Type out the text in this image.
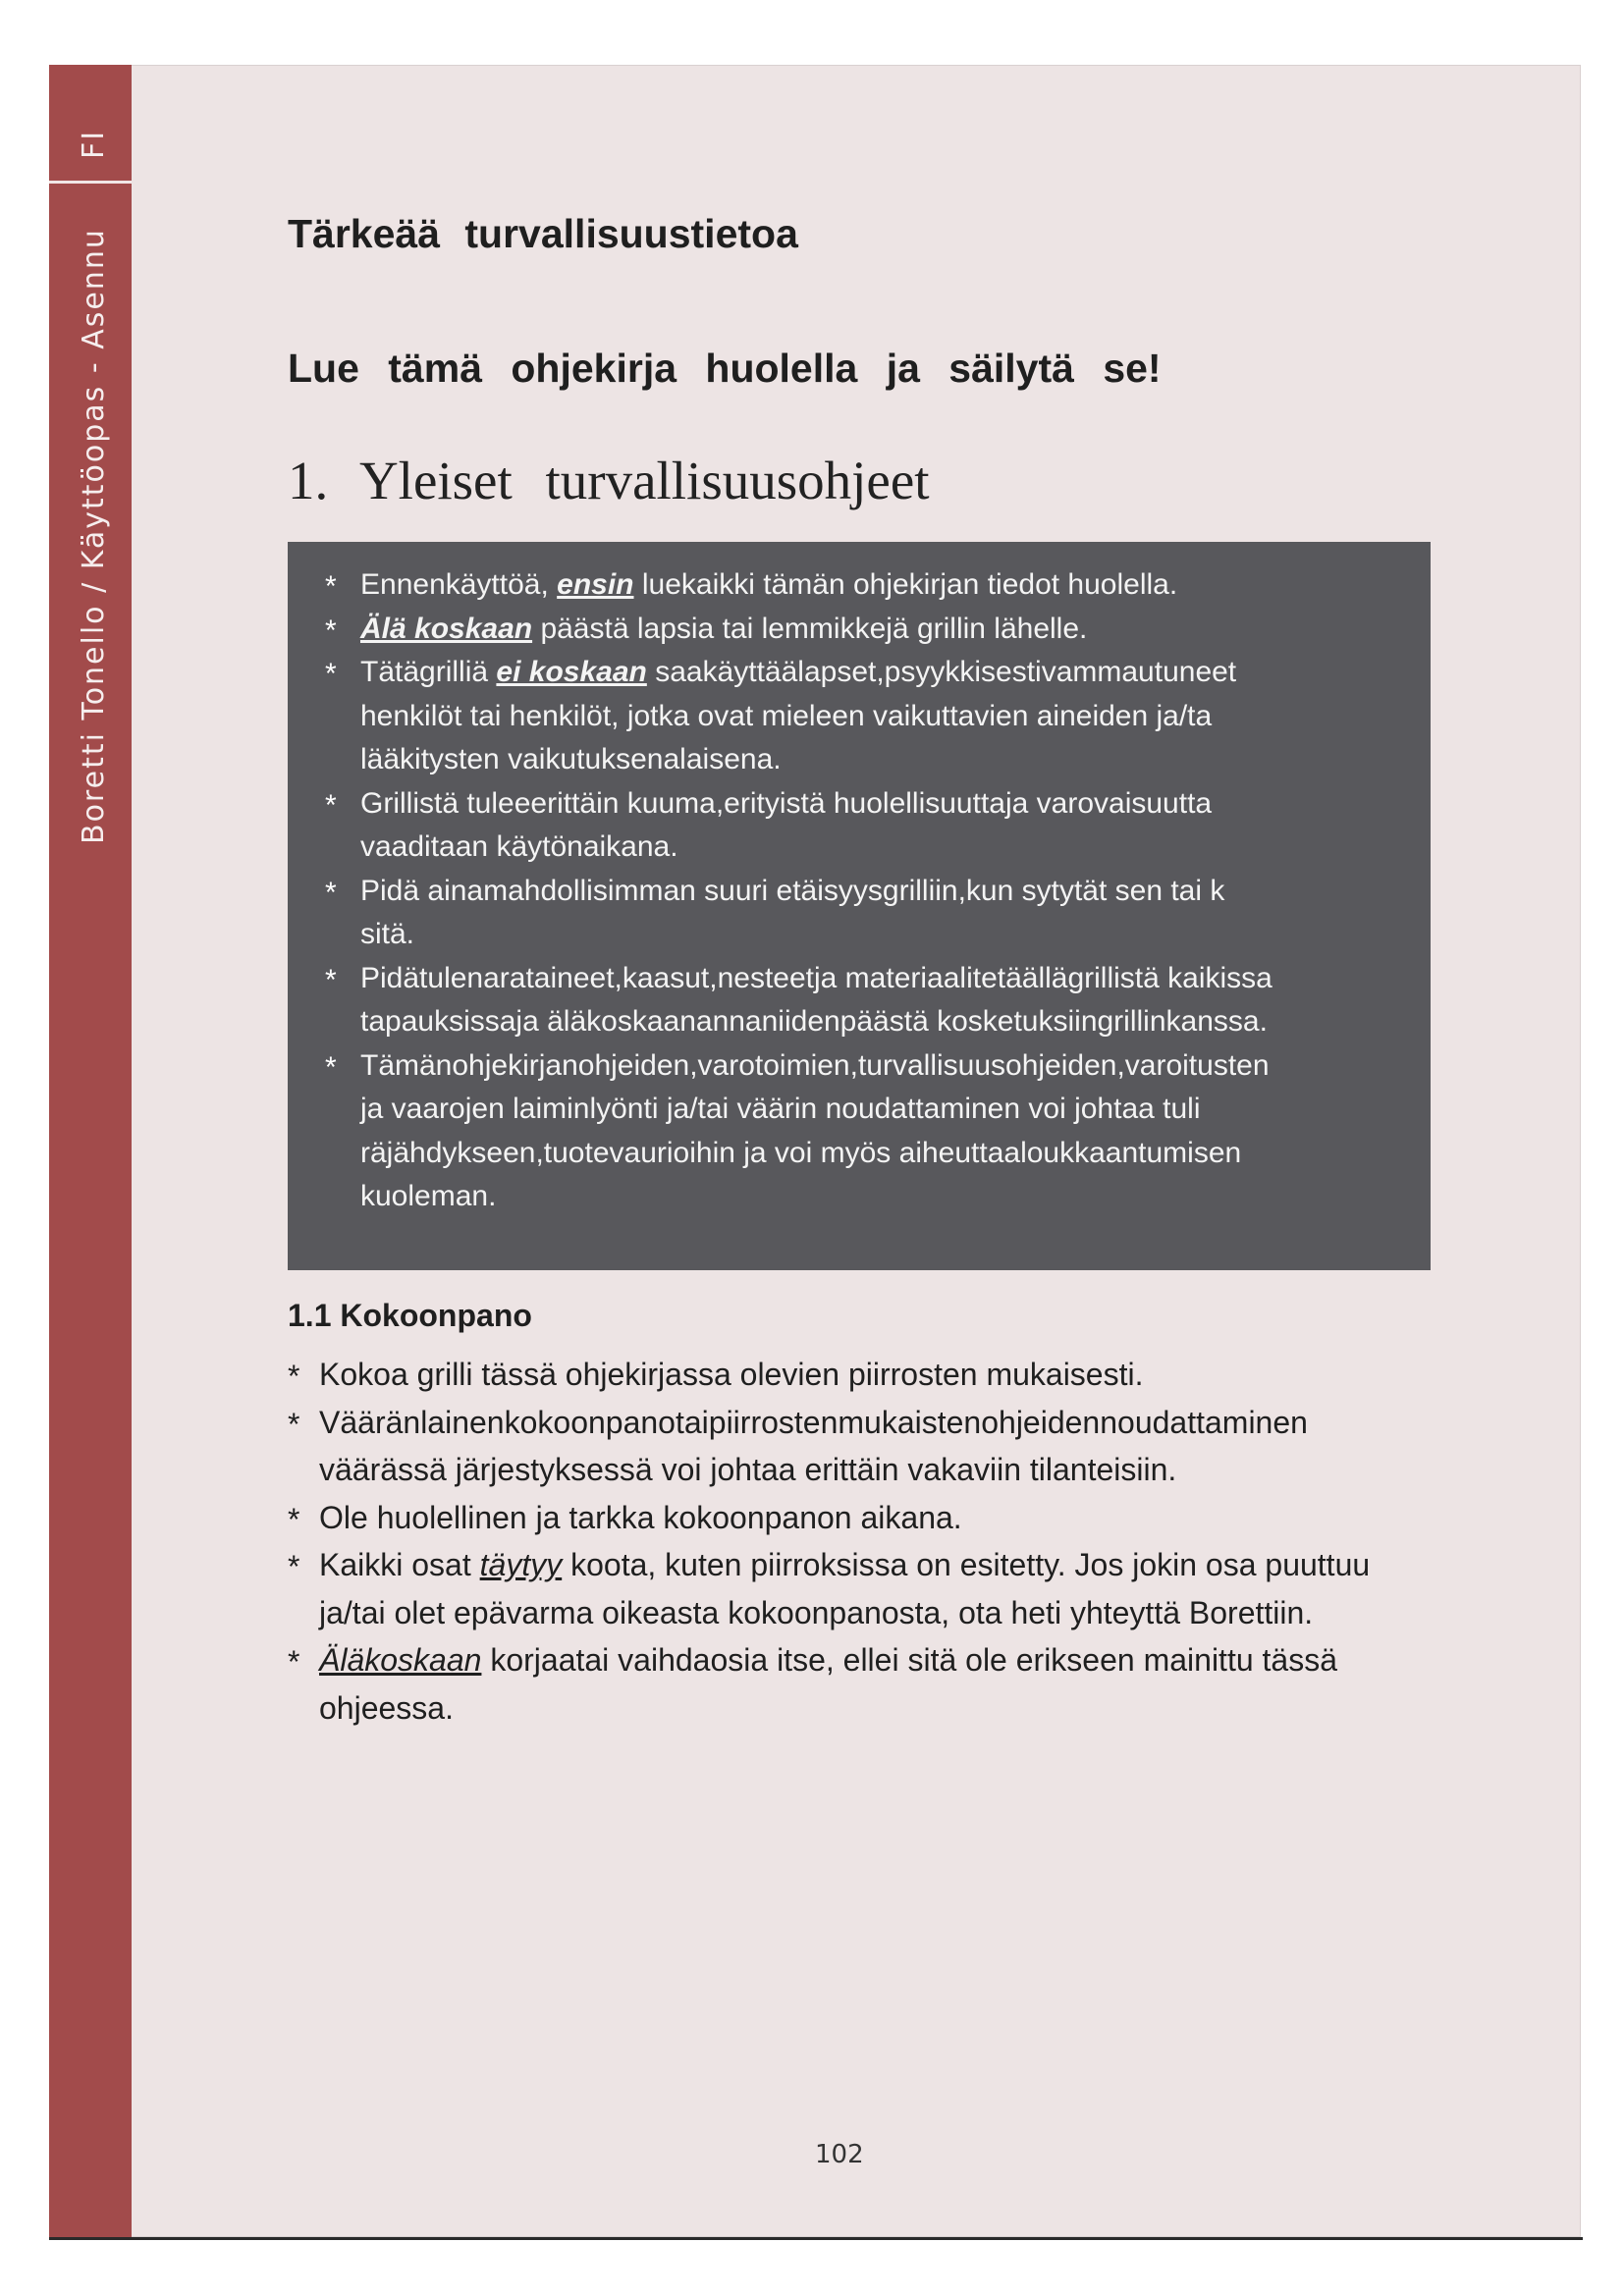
FI
Boretti Tonello / Käyttöopas - Asennu	Tärkeää turvallisuustietoa
Lue tämä ohjekirja huolella ja säilytä se!
1. Yleiset turvallisuusohjeet
* Ennenkäyttöä, ensin luekaikki tämän ohjekirjan tiedot huolella.
* Älä koskaan päästä lapsia tai lemmikkejä grillin lähelle.
* Tätägrilliä ei koskaan saakäyttäälapset,psyykkisestivammautuneet
henkilöt tai henkilöt, jotka ovat mieleen vaikuttavien aineiden ja/ta
lääkitysten vaikutuksenalaisena.
* Grillistä tuleeerittäin kuuma,erityistä huolellisuuttaja varovaisuutta
vaaditaan käytönaikana.
* Pidä ainamahdollisimman suuri etäisyysgrilliin,kun sytytät sen tai k
sitä.
* Pidätulenarataineet,kaasut,nesteetja materiaalitetäällägrillistä kaikissa
tapauksissaja äläkoskaanannaniidenpäästä kosketuksiingrillinkanssa.
* Tämänohjekirjanohjeiden,varotoimien,turvallisuusohjeiden,varoitusten
ja vaarojen laiminlyönti ja/tai väärin noudattaminen voi johtaa tuli
räjähdykseen,tuotevaurioihin ja voi myös aiheuttaaloukkaantumisen
kuoleman.
1.1 Kokoonpano
* Kokoa grilli tässä ohjekirjassa olevien piirrosten mukaisesti.
* Vääränlainenkokoonpanotaipiirrostenmukaistenohjeidennoudattaminen
väärässä järjestyksessä voi johtaa erittäin vakaviin tilanteisiin.
* Ole huolellinen ja tarkka kokoonpanon aikana.
* Kaikki osat täytyy koota, kuten piirroksissa on esitetty. Jos jokin osa puuttuu
ja/tai olet epävarma oikeasta kokoonpanosta, ota heti yhteyttä Borettiin.
* Äläkoskaan korjaatai vaihdaosia itse, ellei sitä ole erikseen mainittu tässä
ohjeessa.
102
